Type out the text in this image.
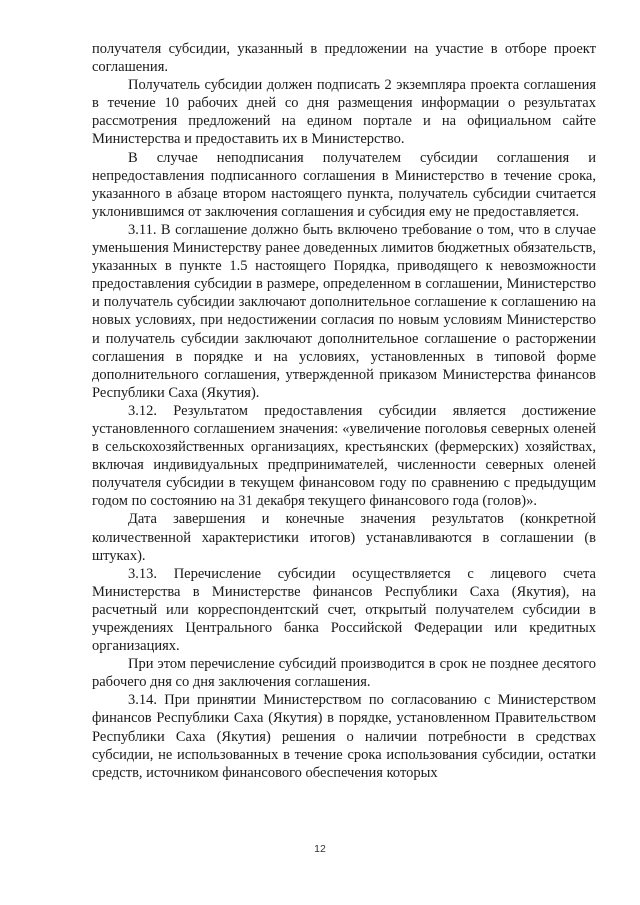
получателя субсидии, указанный в предложении на участие в отборе проект соглашения.

Получатель субсидии должен подписать 2 экземпляра проекта соглашения в течение 10 рабочих дней со дня размещения информации о результатах рассмотрения предложений на едином портале и на официальном сайте Министерства и предоставить их в Министерство.

В случае неподписания получателем субсидии соглашения и непредоставления подписанного соглашения в Министерство в течение срока, указанного в абзаце втором настоящего пункта, получатель субсидии считается уклонившимся от заключения соглашения и субсидия ему не предоставляется.

3.11. В соглашение должно быть включено требование о том, что в случае уменьшения Министерству ранее доведенных лимитов бюджетных обязательств, указанных в пункте 1.5 настоящего Порядка, приводящего к невозможности предоставления субсидии в размере, определенном в соглашении, Министерство и получатель субсидии заключают дополнительное соглашение к соглашению на новых условиях, при недостижении согласия по новым условиям Министерство и получатель субсидии заключают дополнительное соглашение о расторжении соглашения в порядке и на условиях, установленных в типовой форме дополнительного соглашения, утвержденной приказом Министерства финансов Республики Саха (Якутия).

3.12. Результатом предоставления субсидии является достижение установленного соглашением значения: «увеличение поголовья северных оленей в сельскохозяйственных организациях, крестьянских (фермерских) хозяйствах, включая индивидуальных предпринимателей, численности северных оленей получателя субсидии в текущем финансовом году по сравнению с предыдущим годом по состоянию на 31 декабря текущего финансового года (голов)».

Дата завершения и конечные значения результатов (конкретной количественной характеристики итогов) устанавливаются в соглашении (в штуках).

3.13. Перечисление субсидии осуществляется с лицевого счета Министерства в Министерстве финансов Республики Саха (Якутия), на расчетный или корреспондентский счет, открытый получателем субсидии в учреждениях Центрального банка Российской Федерации или кредитных организациях.

При этом перечисление субсидий производится в срок не позднее десятого рабочего дня со дня заключения соглашения.

3.14. При принятии Министерством по согласованию с Министерством финансов Республики Саха (Якутия) в порядке, установленном Правительством Республики Саха (Якутия) решения о наличии потребности в средствах субсидии, не использованных в течение срока использования субсидии, остатки средств, источником финансового обеспечения которых

12
